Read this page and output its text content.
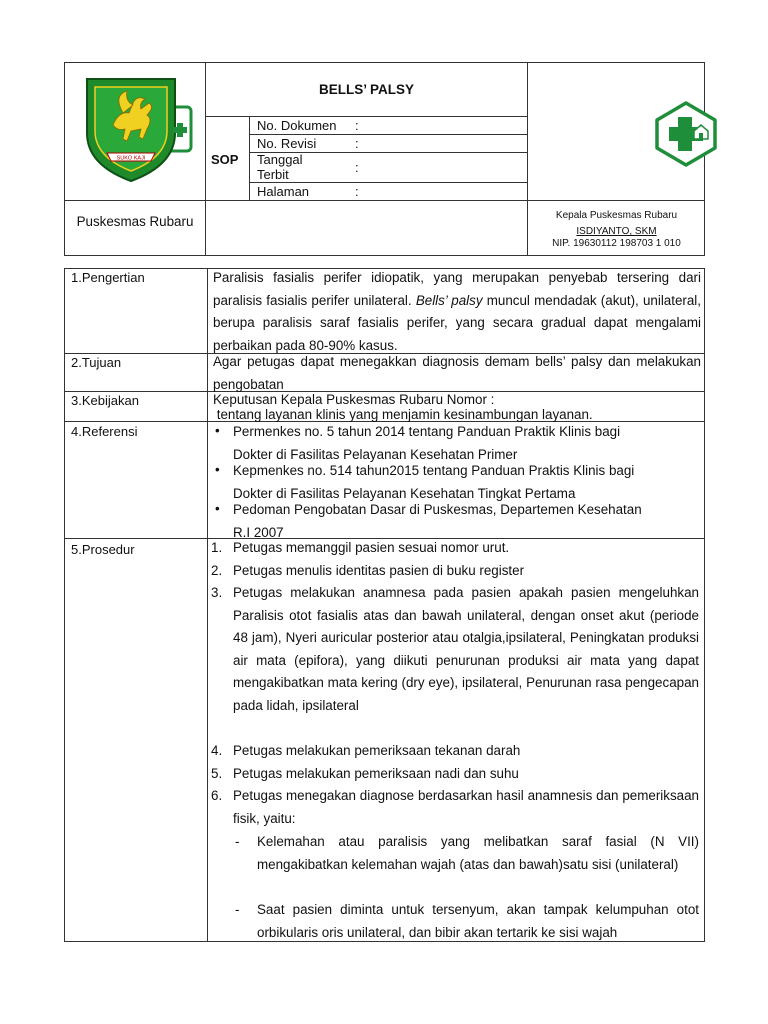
SUKO KAJI
BELLS’ PALSY
SOP
No. Dokumen :
No. Revisi	:
Tanggal Terbit	:
Halaman	:
Puskesmas Rubaru	Kepala Puskesmas Rubaru
ISDIYANTO, SKM
NIP. 19630112 198703 1 010
1.Pengertian	Paralisis fasialis perifer idiopatik, yang merupakan penyebab tersering dari paralisis fasialis perifer unilateral. Bells’ palsy muncul mendadak (akut), unilateral, berupa paralisis saraf fasialis perifer, yang secara gradual dapat mengalami perbaikan pada 80-90% kasus.

2.Tujuan	Agar petugas dapat menegakkan diagnosis demam bells’ palsy dan melakukan pengobatan
3.Kebijakan	Keputusan Kepala Puskesmas Rubaru Nomor :
tentang layanan klinis yang menjamin kesinambungan layanan.
4.Referensi	• Permenkes no. 5 tahun 2014 tentang Panduan Praktik Klinis bagi
Dokter di Fasilitas Pelayanan Kesehatan Primer
• Kepmenkes no. 514 tahun2015 tentang Panduan Praktis Klinis bagi
Dokter di Fasilitas Pelayanan Kesehatan Tingkat Pertama
• Pedoman Pengobatan Dasar di Puskesmas, Departemen Kesehatan
R.I 2007
5.Prosedur	1. Petugas memanggil pasien sesuai nomor urut.
2. Petugas menulis identitas pasien di buku register
3. Petugas melakukan anamnesa pada pasien apakah pasien mengeluhkan Paralisis otot fasialis atas dan bawah unilateral, dengan onset akut (periode 48 jam), Nyeri auricular posterior atau otalgia,ipsilateral, Peningkatan produksi air mata (epifora), yang diikuti penurunan produksi air mata yang dapat mengakibatkan mata kering (dry eye), ipsilateral, Penurunan rasa pengecapan pada lidah, ipsilateral
4. Petugas melakukan pemeriksaan tekanan darah
5. Petugas melakukan pemeriksaan nadi dan suhu
6. Petugas menegakan diagnose berdasarkan hasil anamnesis dan pemeriksaan fisik, yaitu:
- Kelemahan atau paralisis yang melibatkan saraf fasial (N VII) mengakibatkan kelemahan wajah (atas dan bawah)satu sisi (unilateral)
- Saat pasien diminta untuk tersenyum, akan tampak kelumpuhan otot orbikularis oris unilateral, dan bibir akan tertarik ke sisi wajah
